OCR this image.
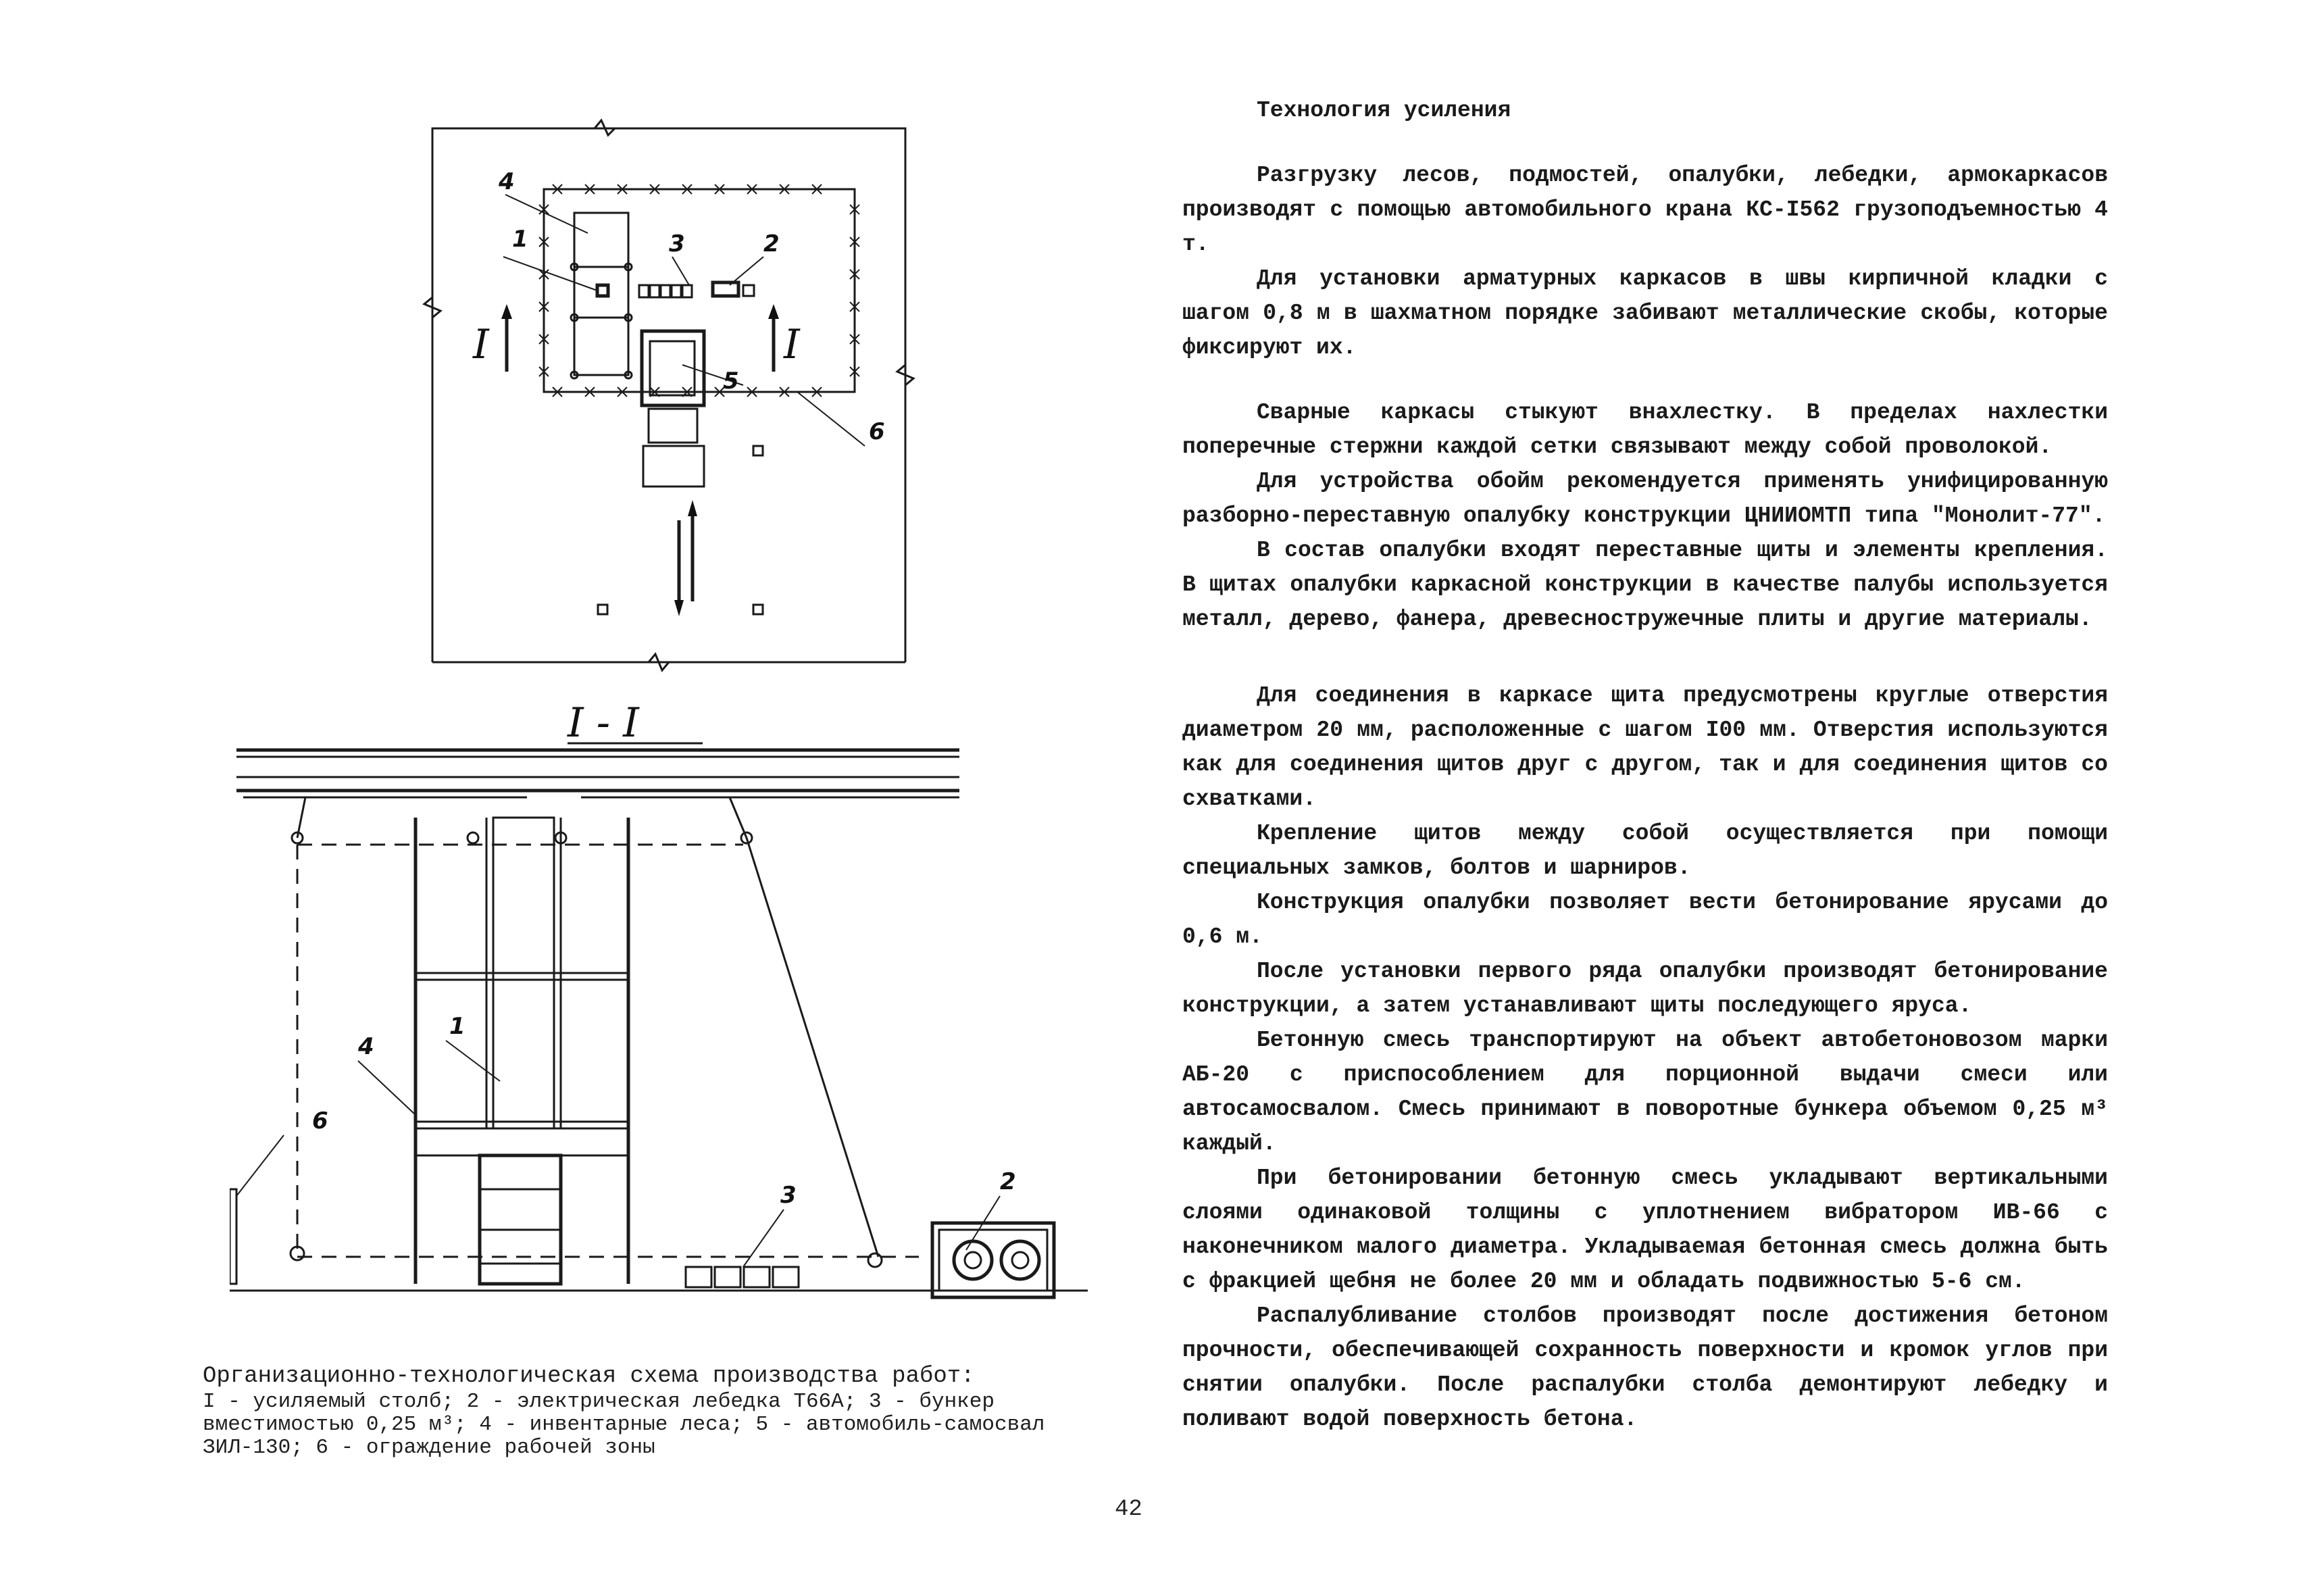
I	I
4
1	3	2
5
6
I - I
1
4
6
3	2
Организационно-технологическая схема производства работ:
I - усиляемый столб; 2 - электрическая лебедка Т66А; 3 - бункер вместимостью 0,25 м³; 4 - инвентарные леса; 5 - автомобиль-самосвал ЗИЛ-130; 6 - ограждение рабочей зоны
Технология усиления

Разгрузку лесов, подмостей, опалубки, лебедки, армокаркасов производят с помощью автомобильного крана КС-I562 грузоподъемностью 4 т.

Для установки арматурных каркасов в швы кирпичной кладки с шагом 0,8 м в шахматном порядке забивают металлические скобы, которые фиксируют их.

Сварные каркасы стыкуют внахлестку. В пределах нахлестки поперечные стержни каждой сетки связывают между собой проволокой.

Для устройства обойм рекомендуется применять унифицированную разборно-переставную опалубку конструкции ЦНИИОМТП типа "Монолит-77".

В состав опалубки входят переставные щиты и элементы крепления. В щитах опалубки каркасной конструкции в качестве палубы используется металл, дерево, фанера, древесностружечные плиты и другие материалы.

Для соединения в каркасе щита предусмотрены круглые отверстия диаметром 20 мм, расположенные с шагом I00 мм. Отверстия используются как для соединения щитов друг с другом, так и для соединения щитов со схватками.

Крепление щитов между собой осуществляется при помощи специальных замков, болтов и шарниров.

Конструкция опалубки позволяет вести бетонирование ярусами до 0,6 м.

После установки первого ряда опалубки производят бетонирование конструкции, а затем устанавливают щиты последующего яруса.

Бетонную смесь транспортируют на объект автобетоновозом марки АБ-20 с приспособлением для порционной выдачи смеси или автосамосвалом. Смесь принимают в поворотные бункера объемом 0,25 м³ каждый.

При бетонировании бетонную смесь укладывают вертикальными слоями одинаковой толщины с уплотнением вибратором ИВ-66 с наконечником малого диаметра. Укладываемая бетонная смесь должна быть с фракцией щебня не более 20 мм и обладать подвижностью 5-6 см.

Распалубливание столбов производят после достижения бетоном прочности, обеспечивающей сохранность поверхности и кромок углов при снятии опалубки. После распалубки столба демонтируют лебедку и поливают водой поверхность бетона.

42
